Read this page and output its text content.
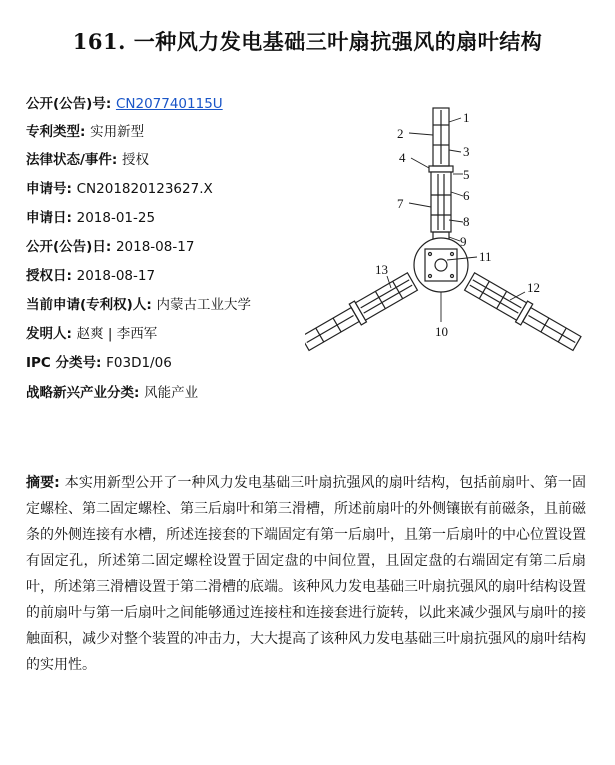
161. 一种风力发电基础三叶扇抗强风的扇叶结构
公开(公告)号: CN207740115U
专利类型: 实用新型
法律状态/事件: 授权
申请号: CN201820123627.X
申请日: 2018-01-25
公开(公告)日: 2018-08-17
授权日: 2018-08-17
当前申请(专利权)人: 内蒙古工业大学
发明人: 赵爽 | 李西军
IPC 分类号: F03D1/06
战略新兴产业分类: 风能产业
1
2
3
4
5
6
7
8
9
10
11
12
13

摘要: 本实用新型公开了一种风力发电基础三叶扇抗强风的扇叶结构，包括前扇叶、第一固定螺栓、第二固定螺栓、第三后扇叶和第三滑槽，所述前扇叶的外侧镶嵌有前磁条，且前磁条的外侧连接有水槽，所述连接套的下端固定有第一后扇叶，且第一后扇叶的中心位置设置有固定孔，所述第二固定螺栓设置于固定盘的中间位置，且固定盘的右端固定有第二后扇叶，所述第三滑槽设置于第二滑槽的底端。该种风力发电基础三叶扇抗强风的扇叶结构设置的前扇叶与第一后扇叶之间能够通过连接柱和连接套进行旋转，以此来减少强风与扇叶的接触面积，减少对整个装置的冲击力，大大提高了该种风力发电基础三叶扇抗强风的扇叶结构的实用性。
